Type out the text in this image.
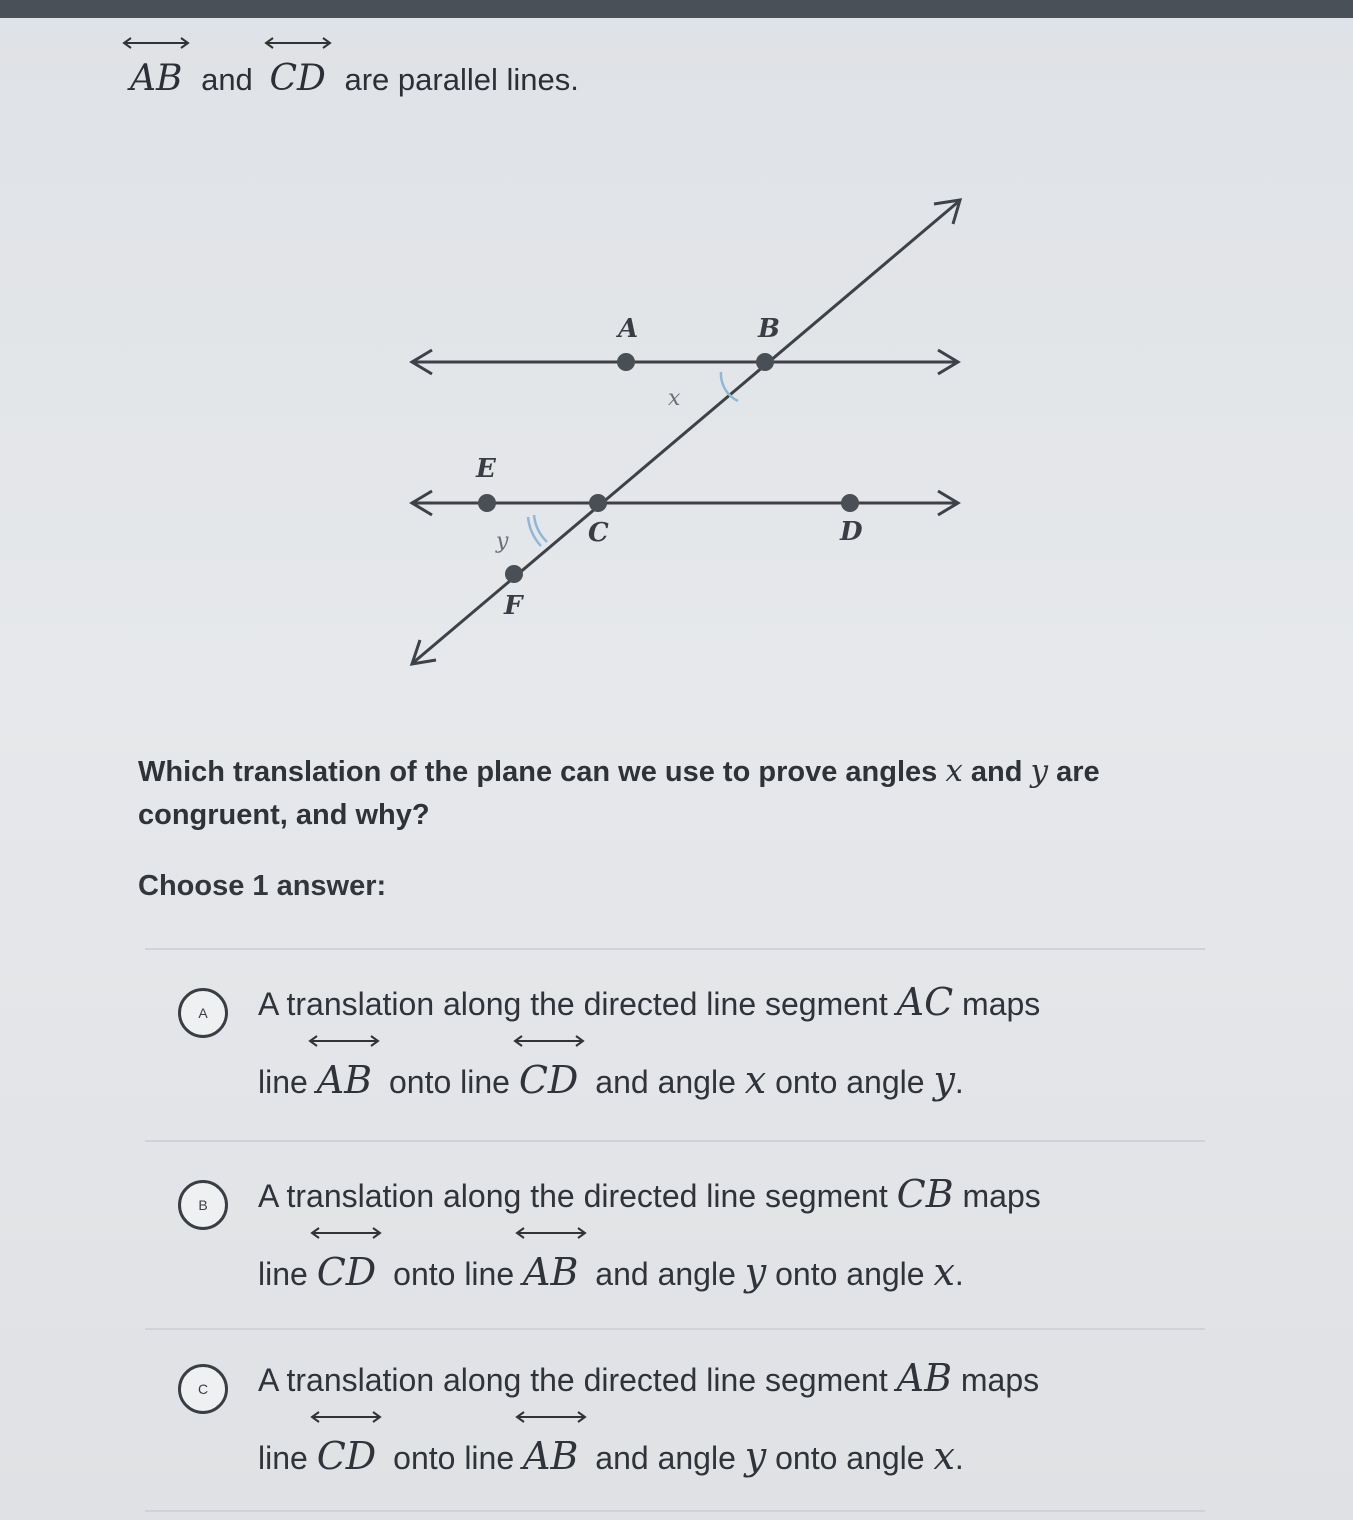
AB and CD are parallel lines.
A	B
E
C	D
F
x
y
Which translation of the plane can we use to prove angles x and y are congruent, and why?
Choose 1 answer:
A A translation along the directed line segment AC maps
line AB onto line CD and angle x onto angle y.
B A translation along the directed line segment CB maps
line CD onto line AB and angle y onto angle x.
C A translation along the directed line segment AB maps
line CD onto line AB and angle y onto angle x.
